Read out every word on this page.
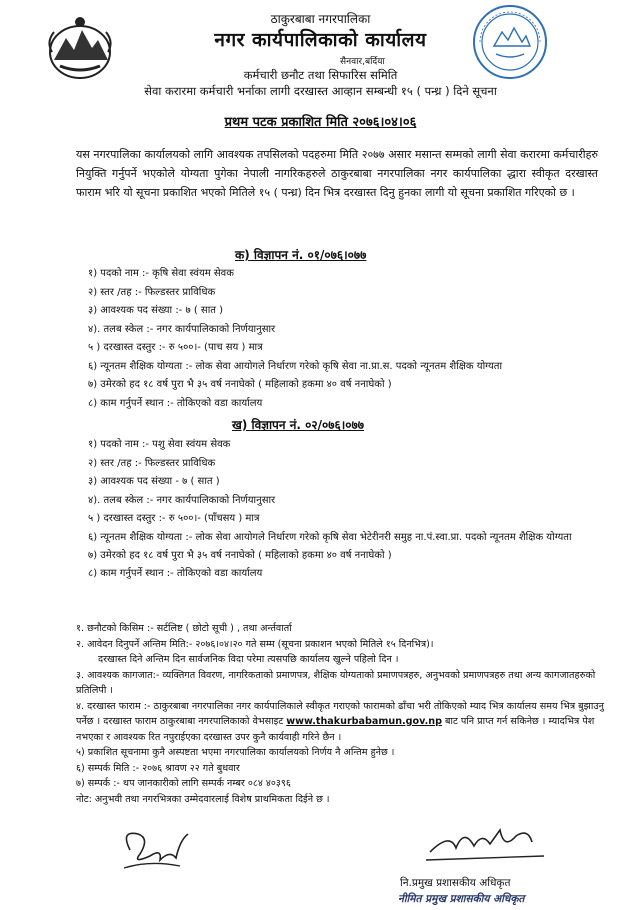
ठाकुरबाबा नगरपालिका
नगर कार्यपालिकाको कार्यालय
सैनवार,बर्दिया
कर्मचारी छनौट तथा सिफारिस समिति
सेवा करारमा कर्मचारी भर्नाका लागी दरखास्त आव्हान सम्बन्धी १५ ( पन्ध्र ) दिने सूचना
प्रथम पटक प्रकाशित मिति २०७६।०४।०६
यस नगरपालिका कार्यालयको लागि आवश्यक तपसिलको पदहरुमा मिति २०७७ असार मसान्त सम्मको लागी सेवा करारमा कर्मचारीहरु नियुक्ति गर्नुपर्ने भएकोले योग्यता पुगेका नेपाली नागरिकहरुले ठाकुरबाबा नगरपालिका नगर कार्यपालिका द्धारा स्वीकृत दरखास्त फाराम भरि यो सूचना प्रकाशित भएको मितिले १५ ( पन्ध्र) दिन भित्र दरखास्त दिनु हुनका लागी यो सूचना प्रकाशित गरिएको छ ।
क) विज्ञापन नं. ०१/०७६।०७७
१) पदको नाम :- कृषि सेवा स्वंयम सेवक
२) स्तर /तह :- फिल्डस्तर प्राविधिक
३) आवश्यक पद संख्या :- ७ ( सात )
४). तलब स्केल :- नगर कार्यपालिकाको निर्णयानुसार
५ ) दरखास्त दस्तुर :- रु ५००।- (पाच सय ) मात्र
६) न्यूनतम शैक्षिक योग्यता :- लोक सेवा आयोगले निर्धारण गरेको कृषि सेवा ना.प्रा.स. पदको न्यूनतम शैक्षिक योग्यता
७) उमेरको हद १८ वर्ष पुरा भै ३५ वर्ष ननाघेको ( महिलाको हकमा ४० वर्ष ननाघेको )
८) काम गर्नुपर्ने स्थान :- तोकिएको वडा कार्यालय
ख) विज्ञापन नं. ०२/०७६।०७७
१) पदको नाम :- पशु सेवा स्वंयम सेवक
२) स्तर /तह :- फिल्डस्तर प्राविधिक
३) आवश्यक पद संख्या - ७ ( सात )
४). तलब स्केल :- नगर कार्यपालिकाको निर्णयानुसार
५ ) दरखास्त दस्तुर :- रु ५००।- (पाँचसय ) मात्र
६) न्यूनतम शैक्षिक योग्यता :- लोक सेवा आयोगले निर्धारण गरेको कृषि सेवा भेटेरीनरी समुह ना.पं.स्वा.प्रा. पदको न्यूनतम शैक्षिक योग्यता
७) उमेरको हद १८ वर्ष पुरा भै ३५ वर्ष ननाघेको ( महिलाको हकमा ४० वर्ष ननाघेको )
८) काम गर्नुपर्ने स्थान :- तोकिएको वडा कार्यालय
१. छनौटको किसिम :- सर्टलिष्ट ( छोटो सूची ) , तथा अर्न्तवार्ता
२. आवेदन दिनुपर्ने अन्तिम मिति:- २०७६।०४।२० गते सम्म (सूचना प्रकाशन भएको मितिले १५ दिनभित्र)।
दरखास्त दिने अन्तिम दिन सार्वजनिक विदा परेमा त्यसपछि कार्यालय खुल्ने पहिलो दिन ।
३. आवश्यक कागजात:- व्यक्तिगत विवरण, नागरिकताको प्रमाणपत्र, शैक्षिक योग्यताको प्रमाणपत्रहरु, अनुभवको प्रमाणपत्रहरु तथा अन्य कागजातहरुको प्रतिलिपी ।
४. दरखास्त फाराम :- ठाकुरबाबा नगरपालिका नगर कार्यपालिकाले स्वीकृत गराएको फारामको ढाँचा भरी तोकिएको म्याद भित्र कार्यालय समय भित्र बुझाउनु पर्नेछ । दरखास्त फाराम ठाकुरबाबा नगरपालिकाको वेभसाइट www.thakurbabamun.gov.np बाट पनि प्राप्त गर्न सकिनेछ । म्यादभित्र पेश नभएका र आवश्यक रित नपुराईएका दरखास्त उपर कुनै कार्यवाही गरिने छैन ।
५) प्रकाशित सूचनामा कुनै अस्पष्टता भएमा नगरपालिका कार्यालयको निर्णय नै अन्तिम हुनेछ ।
६) सम्पर्क मिति :- २०७६ श्रावण २२ गते बुधवार
७) सम्पर्क :- थप जानकारीको लागि सम्पर्क नम्बर ०८४ ४०३९६
नोट: अनुभवी तथा नगरभित्रका उम्मेदवारलाई विशेष प्राथमिकता दिईने छ ।
नि.प्रमुख प्रशासकीय अधिकृत
नीमित प्रमुख प्रशासकीय अधिकृत
